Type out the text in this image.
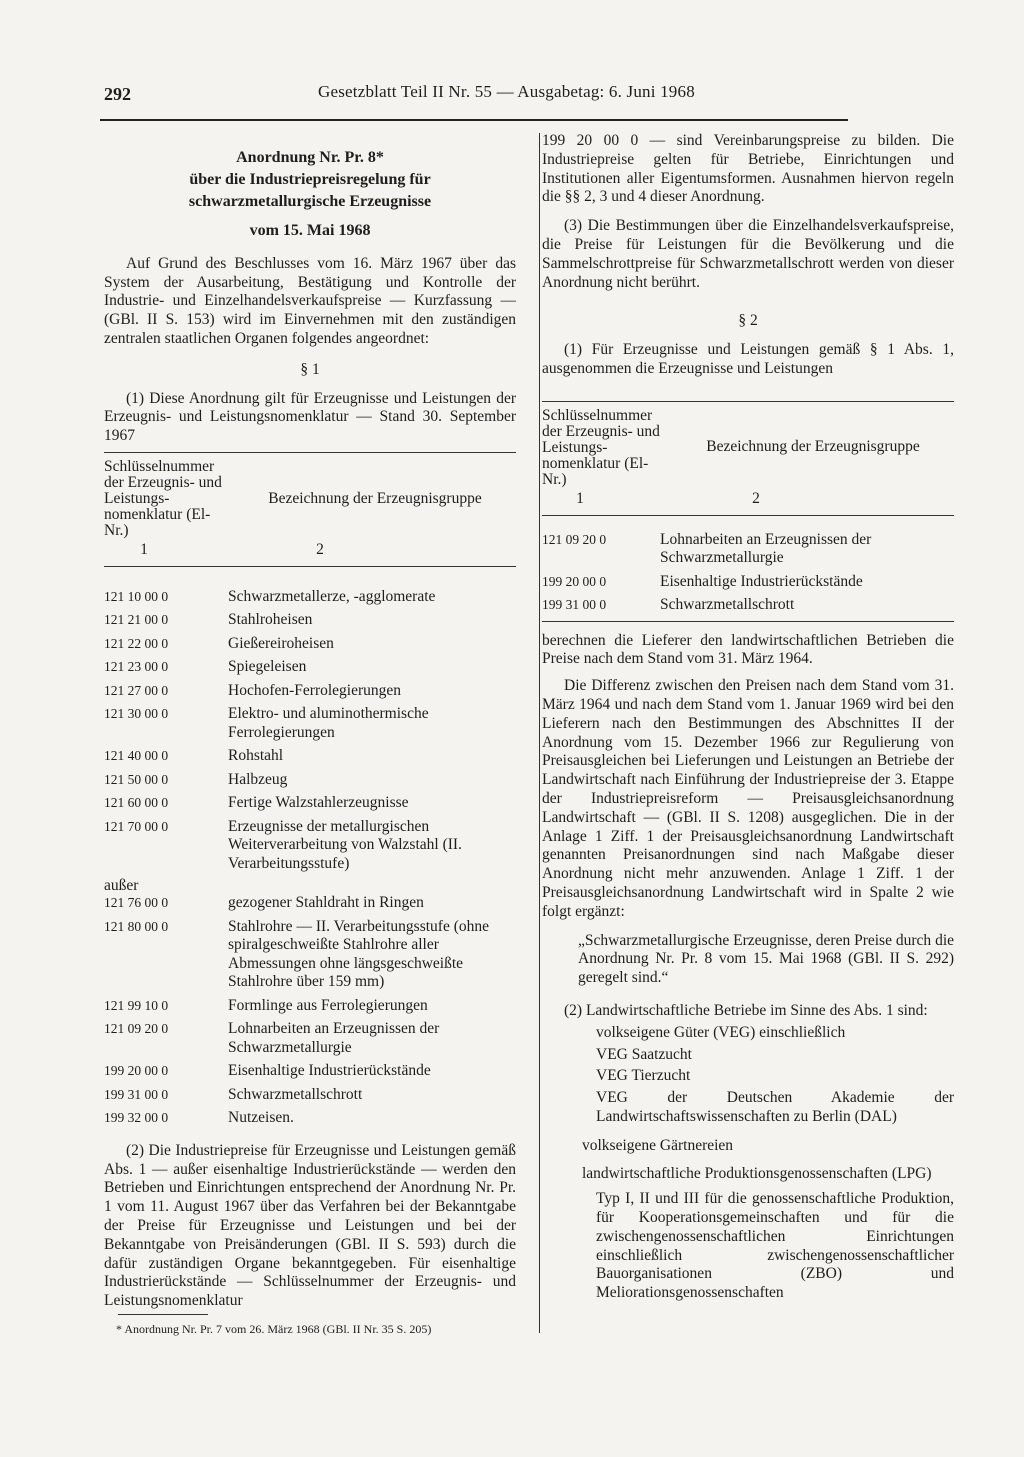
292	Gesetzblatt Teil II Nr. 55 — Ausgabetag: 6. Juni 1968
Anordnung Nr. Pr. 8*
über die Industriepreisregelung für
schwarzmetallurgische Erzeugnisse
vom 15. Mai 1968

Auf Grund des Beschlusses vom 16. März 1967 über das System der Ausarbeitung, Bestätigung und Kontrolle der Industrie- und Einzelhandelsverkaufspreise — Kurzfassung — (GBl. II S. 153) wird im Einvernehmen mit den zuständigen zentralen staatlichen Organen folgendes angeordnet:

§ 1

(1) Diese Anordnung gilt für Erzeugnisse und Leistungen der Erzeugnis- und Leistungsnomenklatur — Stand 30. September 1967

Schlüsselnummer der Erzeugnis- und Leistungs- nomenklatur (El-Nr.)
Bezeichnung der Erzeugnisgruppe
1	2
121 10 00 0	Schwarzmetallerze, -agglomerate
121 21 00 0	Stahlroheisen
121 22 00 0	Gießereiroheisen
121 23 00 0	Spiegeleisen
121 27 00 0	Hochofen-Ferrolegierungen
121 30 00 0	Elektro- und aluminothermische Ferrolegierungen
121 40 00 0	Rohstahl
121 50 00 0	Halbzeug
121 60 00 0	Fertige Walzstahlerzeugnisse
121 70 00 0	Erzeugnisse der metallurgischen Weiterverarbeitung von Walzstahl (II. Verarbeitungsstufe)
außer
121 76 00 0	gezogener Stahldraht in Ringen
121 80 00 0	Stahlrohre — II. Verarbeitungsstufe (ohne spiralgeschweißte Stahlrohre aller Abmessungen ohne längsgeschweißte Stahlrohre über 159 mm)
121 99 10 0	Formlinge aus Ferrolegierungen
121 09 20 0	Lohnarbeiten an Erzeugnissen der Schwarzmetallurgie
199 20 00 0	Eisenhaltige Industrierückstände
199 31 00 0	Schwarzmetallschrott
199 32 00 0	Nutzeisen.

(2) Die Industriepreise für Erzeugnisse und Leistungen gemäß Abs. 1 — außer eisenhaltige Industrierückstände — werden den Betrieben und Einrichtungen entsprechend der Anordnung Nr. Pr. 1 vom 11. August 1967 über das Verfahren bei der Bekanntgabe der Preise für Erzeugnisse und Leistungen und bei der Bekanntgabe von Preisänderungen (GBl. II S. 593) durch die dafür zuständigen Organe bekanntgegeben. Für eisenhaltige Industrierückstände — Schlüsselnummer der Erzeugnis- und Leistungsnomenklatur

* Anordnung Nr. Pr. 7 vom 26. März 1968 (GBl. II Nr. 35 S. 205)

199 20 00 0 — sind Vereinbarungspreise zu bilden. Die Industriepreise gelten für Betriebe, Einrichtungen und Institutionen aller Eigentumsformen. Ausnahmen hiervon regeln die §§ 2, 3 und 4 dieser Anordnung.

(3) Die Bestimmungen über die Einzelhandelsverkaufspreise, die Preise für Leistungen für die Bevölkerung und die Sammelschrottpreise für Schwarzmetallschrott werden von dieser Anordnung nicht berührt.

§ 2

(1) Für Erzeugnisse und Leistungen gemäß § 1 Abs. 1, ausgenommen die Erzeugnisse und Leistungen

Schlüsselnummer der Erzeugnis- und Leistungs- nomenklatur (El-Nr.)
Bezeichnung der Erzeugnisgruppe
1	2
121 09 20 0	Lohnarbeiten an Erzeugnissen der Schwarzmetallurgie
199 20 00 0	Eisenhaltige Industrierückstände
199 31 00 0	Schwarzmetallschrott

berechnen die Lieferer den landwirtschaftlichen Betrieben die Preise nach dem Stand vom 31. März 1964.

Die Differenz zwischen den Preisen nach dem Stand vom 31. März 1964 und nach dem Stand vom 1. Januar 1969 wird bei den Lieferern nach den Bestimmungen des Abschnittes II der Anordnung vom 15. Dezember 1966 zur Regulierung von Preisausgleichen bei Lieferungen und Leistungen an Betriebe der Landwirtschaft nach Einführung der Industriepreise der 3. Etappe der Industriepreisreform — Preisausgleichsanordnung Landwirtschaft — (GBl. II S. 1208) ausgeglichen. Die in der Anlage 1 Ziff. 1 der Preisausgleichsanordnung Landwirtschaft genannten Preisanordnungen sind nach Maßgabe dieser Anordnung nicht mehr anzuwenden. Anlage 1 Ziff. 1 der Preisausgleichsanordnung Landwirtschaft wird in Spalte 2 wie folgt ergänzt:

„Schwarzmetallurgische Erzeugnisse, deren Preise durch die Anordnung Nr. Pr. 8 vom 15. Mai 1968 (GBl. II S. 292) geregelt sind.“

(2) Landwirtschaftliche Betriebe im Sinne des Abs. 1 sind:

volkseigene Güter (VEG) einschließlich
VEG Saatzucht
VEG Tierzucht
VEG der Deutschen Akademie der Landwirtschaftswissenschaften zu Berlin (DAL)
volkseigene Gärtnereien
landwirtschaftliche Produktionsgenossenschaften (LPG)
Typ I, II und III für die genossenschaftliche Produktion, für Kooperationsgemeinschaften und für die zwischengenossenschaftlichen Einrichtungen einschließlich zwischengenossenschaftlicher Bauorganisationen (ZBO) und Meliorationsgenossenschaften
